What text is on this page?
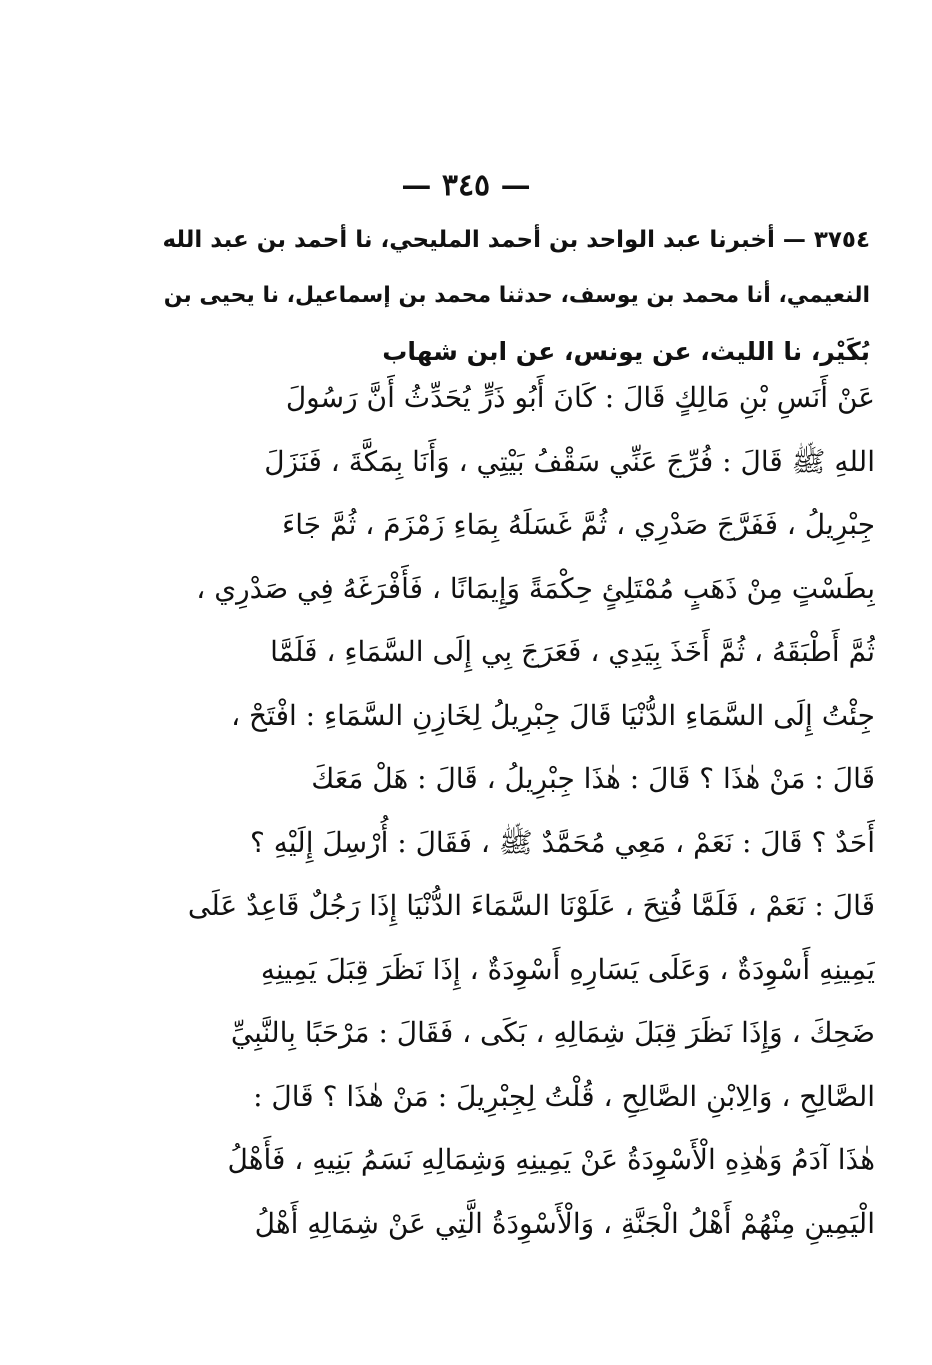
— ٣٤٥ —
٣٧٥٤ — أخبرنا عبد الواحد بن أحمد المليحي، نا أحمد بن عبد الله
النعيمي، أنا محمد بن يوسف، حدثنا محمد بن إسماعيل، نا يحيى بن
بُكَيْر، نا الليث، عن يونس، عن ابن شهاب
عَنْ أَنَسِ بْنِ مَالِكٍ قَالَ : كَانَ أَبُو ذَرٍّ يُحَدِّثُ أَنَّ رَسُولَ
اللهِ ﷺ قَالَ : فُرِّجَ عَنِّي سَقْفُ بَيْتِي ، وَأَنَا بِمَكَّةَ ، فَنَزَلَ
جِبْرِيلُ ، فَفَرَّجَ صَدْرِي ، ثُمَّ غَسَلَهُ بِمَاءِ زَمْزَمَ ، ثُمَّ جَاءَ
بِطَسْتٍ مِنْ ذَهَبٍ مُمْتَلِئٍ حِكْمَةً وَإِيمَانًا ، فَأَفْرَغَهُ فِي صَدْرِي ،
ثُمَّ أَطْبَقَهُ ، ثُمَّ أَخَذَ بِيَدِي ، فَعَرَجَ بِي إِلَى السَّمَاءِ ، فَلَمَّا
جِئْتُ إِلَى السَّمَاءِ الدُّنْيَا قَالَ جِبْرِيلُ لِخَازِنِ السَّمَاءِ : افْتَحْ ،
قَالَ : مَنْ هٰذَا ؟ قَالَ : هٰذَا جِبْرِيلُ ، قَالَ : هَلْ مَعَكَ
أَحَدٌ ؟ قَالَ : نَعَمْ ، مَعِي مُحَمَّدٌ ﷺ ، فَقَالَ : أُرْسِلَ إِلَيْهِ ؟
قَالَ : نَعَمْ ، فَلَمَّا فُتِحَ ، عَلَوْنَا السَّمَاءَ الدُّنْيَا إِذَا رَجُلٌ قَاعِدٌ عَلَى
يَمِينِهِ أَسْوِدَةٌ ، وَعَلَى يَسَارِهِ أَسْوِدَةٌ ، إِذَا نَظَرَ قِبَلَ يَمِينِهِ
ضَحِكَ ، وَإِذَا نَظَرَ قِبَلَ شِمَالِهِ ، بَكَى ، فَقَالَ : مَرْحَبًا بِالنَّبِيِّ
الصَّالِحِ ، وَالِابْنِ الصَّالِحِ ، قُلْتُ لِجِبْرِيلَ : مَنْ هٰذَا ؟ قَالَ :
هٰذَا آدَمُ وَهٰذِهِ الْأَسْوِدَةُ عَنْ يَمِينِهِ وَشِمَالِهِ نَسَمُ بَنِيهِ ، فَأَهْلُ
الْيَمِينِ مِنْهُمْ أَهْلُ الْجَنَّةِ ، وَالْأَسْوِدَةُ الَّتِي عَنْ شِمَالِهِ أَهْلُ
